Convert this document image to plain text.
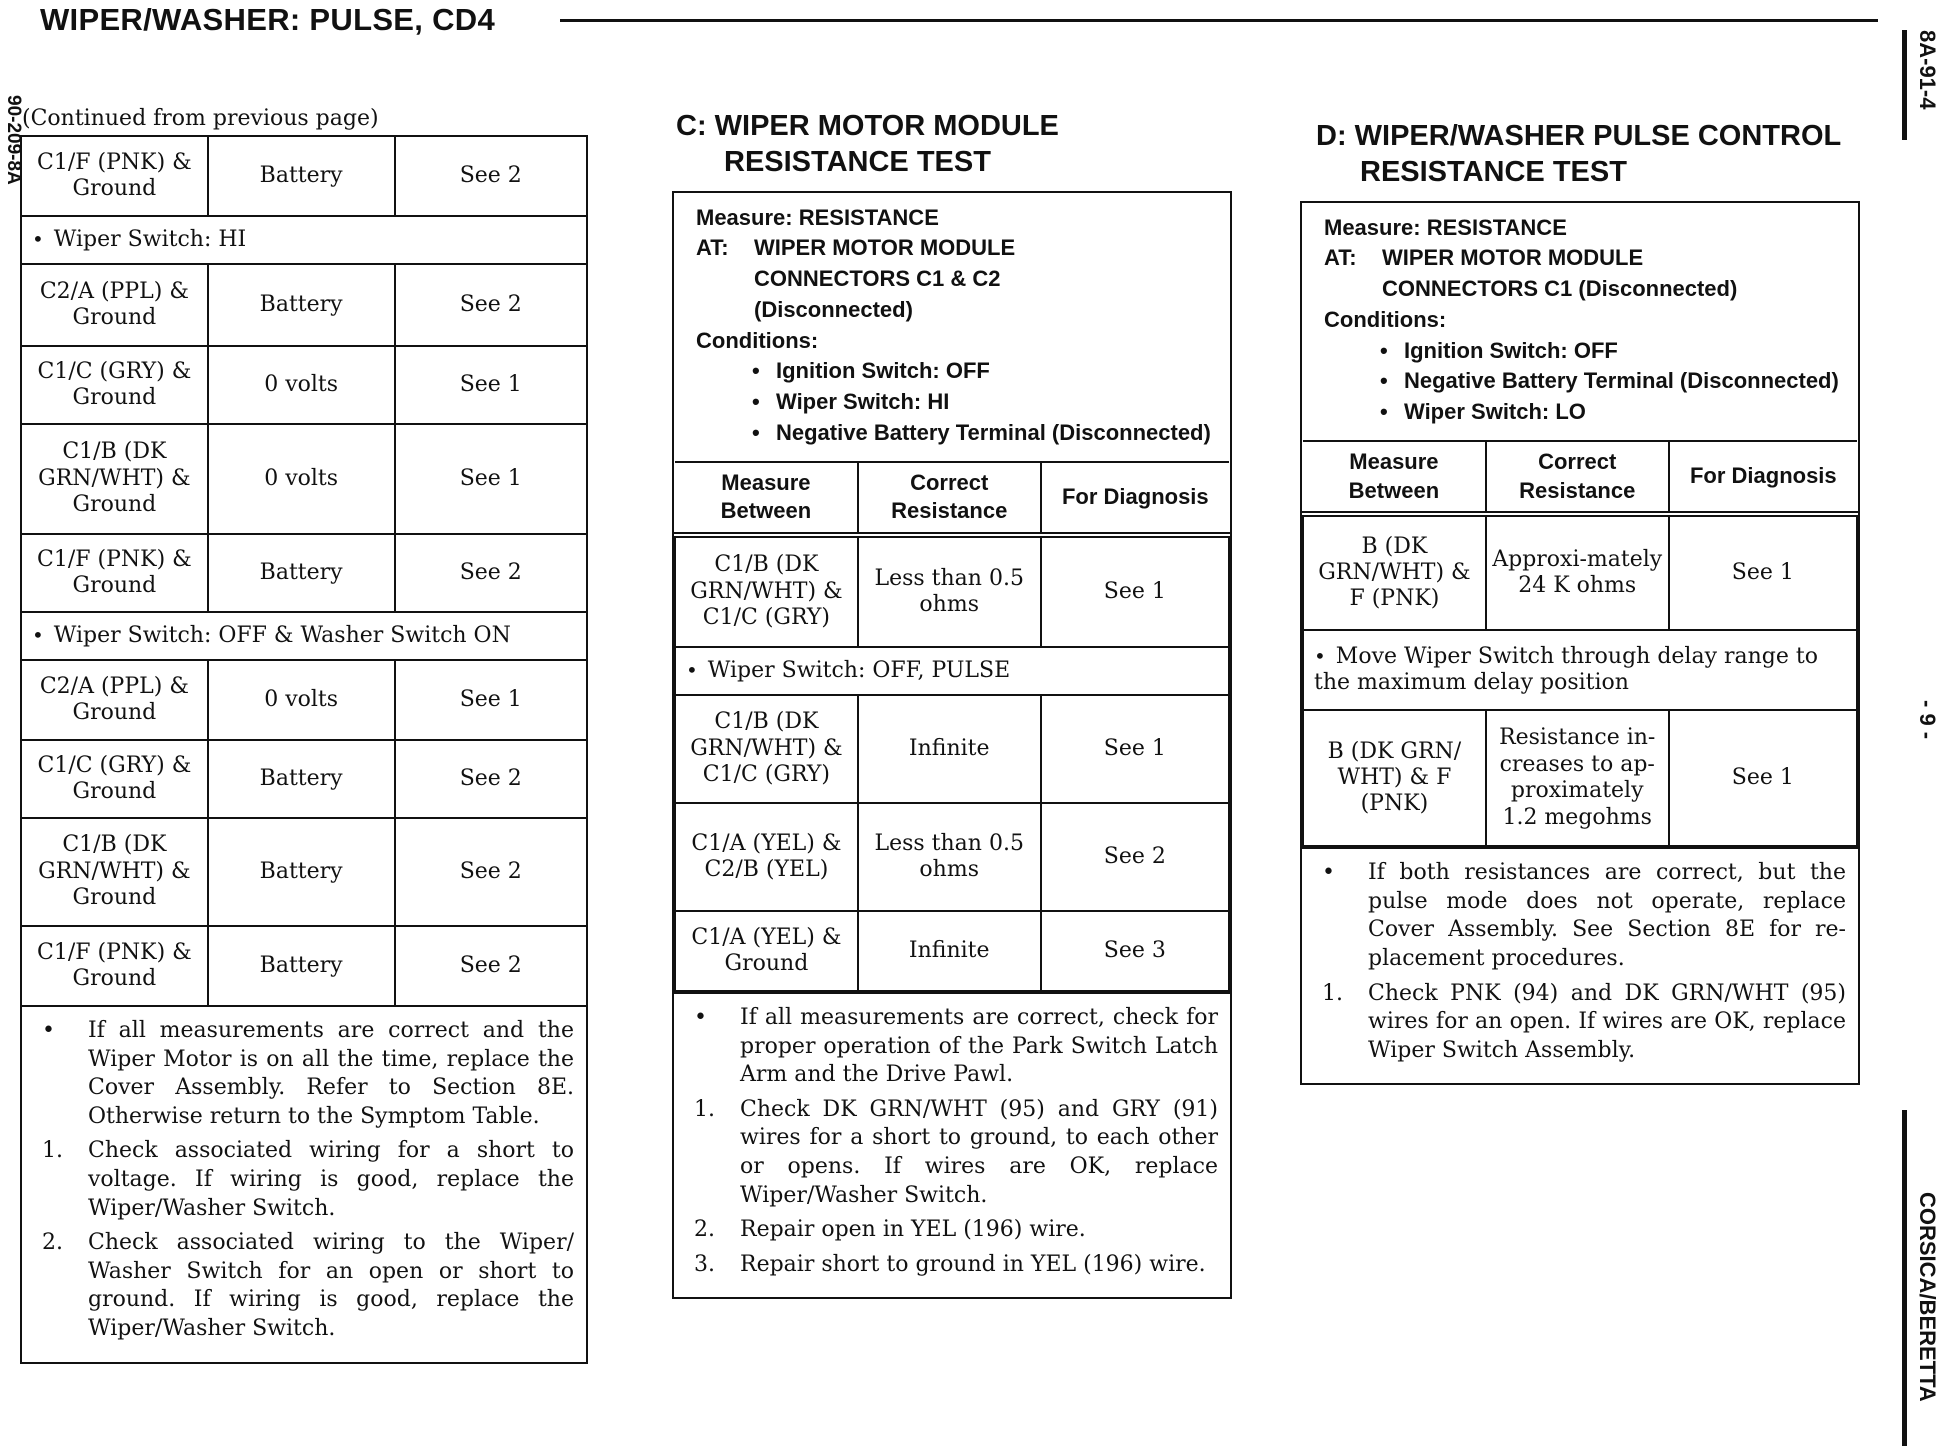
WIPER/WASHER: PULSE, CD4
90-209-8A
8A-91-4
- 9 -
CORSICA/BERETTA
(Continued from previous page)
C1/F (PNK) & Ground	Battery	See 2
• Wiper Switch: HI
C2/A (PPL) & Ground	Battery	See 2
C1/C (GRY) & Ground	0 volts	See 1
C1/B (DK GRN/WHT) & Ground	0 volts	See 1
C1/F (PNK) & Ground	Battery	See 2
• Wiper Switch: OFF & Washer Switch ON
C2/A (PPL) & Ground	0 volts	See 1
C1/C (GRY) & Ground	Battery	See 2
C1/B (DK GRN/WHT) & Ground	Battery	See 2
C1/F (PNK) & Ground	Battery	See 2
•	If all measurements are correct and the Wiper Motor is on all the time, replace the Cover Assembly. Refer to Section 8E. Otherwise return to the Symptom Table.
1.	Check associated wiring for a short to voltage. If wiring is good, replace the Wiper/Washer Switch.
2.	Check associated wiring to the Wiper/ Washer Switch for an open or short to ground. If wiring is good, replace the Wiper/Washer Switch.
C: WIPER MOTOR MODULE
RESISTANCE TEST
Measure: RESISTANCE
AT:	WIPER MOTOR MODULE
CONNECTORS C1 & C2
(Disconnected)
Conditions:
• Ignition Switch: OFF
• Wiper Switch: HI
• Negative Battery Terminal (Disconnected)
Measure Between	Correct Resistance	For Diagnosis
C1/B (DK GRN/WHT) & C1/C (GRY)	Less than 0.5 ohms	See 1
• Wiper Switch: OFF, PULSE
C1/B (DK GRN/WHT) & C1/C (GRY)	Infinite	See 1
C1/A (YEL) & C2/B (YEL)	Less than 0.5 ohms	See 2
C1/A (YEL) & Ground	Infinite	See 3
•	If all measurements are correct, check for proper operation of the Park Switch Latch Arm and the Drive Pawl.
1.	Check DK GRN/WHT (95) and GRY (91) wires for a short to ground, to each other or opens. If wires are OK, replace Wiper/Washer Switch.
2.	Repair open in YEL (196) wire.
3.	Repair short to ground in YEL (196) wire.
D: WIPER/WASHER PULSE CONTROL
RESISTANCE TEST
Measure: RESISTANCE
AT:	WIPER MOTOR MODULE
CONNECTORS C1 (Disconnected)
Conditions:
• Ignition Switch: OFF
• Negative Battery Terminal (Disconnected)
• Wiper Switch: LO
Measure Between	Correct Resistance	For Diagnosis
B (DK GRN/WHT) & F (PNK)	Approxi-mately 24 K ohms	See 1
• Move Wiper Switch through delay range to the maximum delay position
B (DK GRN/ WHT) & F (PNK)	Resistance in-creases to ap-proximately 1.2 megohms	See 1
•	If both resistances are correct, but the pulse mode does not operate, replace Cover Assembly. See Section 8E for re-placement procedures.
1.	Check PNK (94) and DK GRN/WHT (95) wires for an open. If wires are OK, replace Wiper Switch Assembly.
